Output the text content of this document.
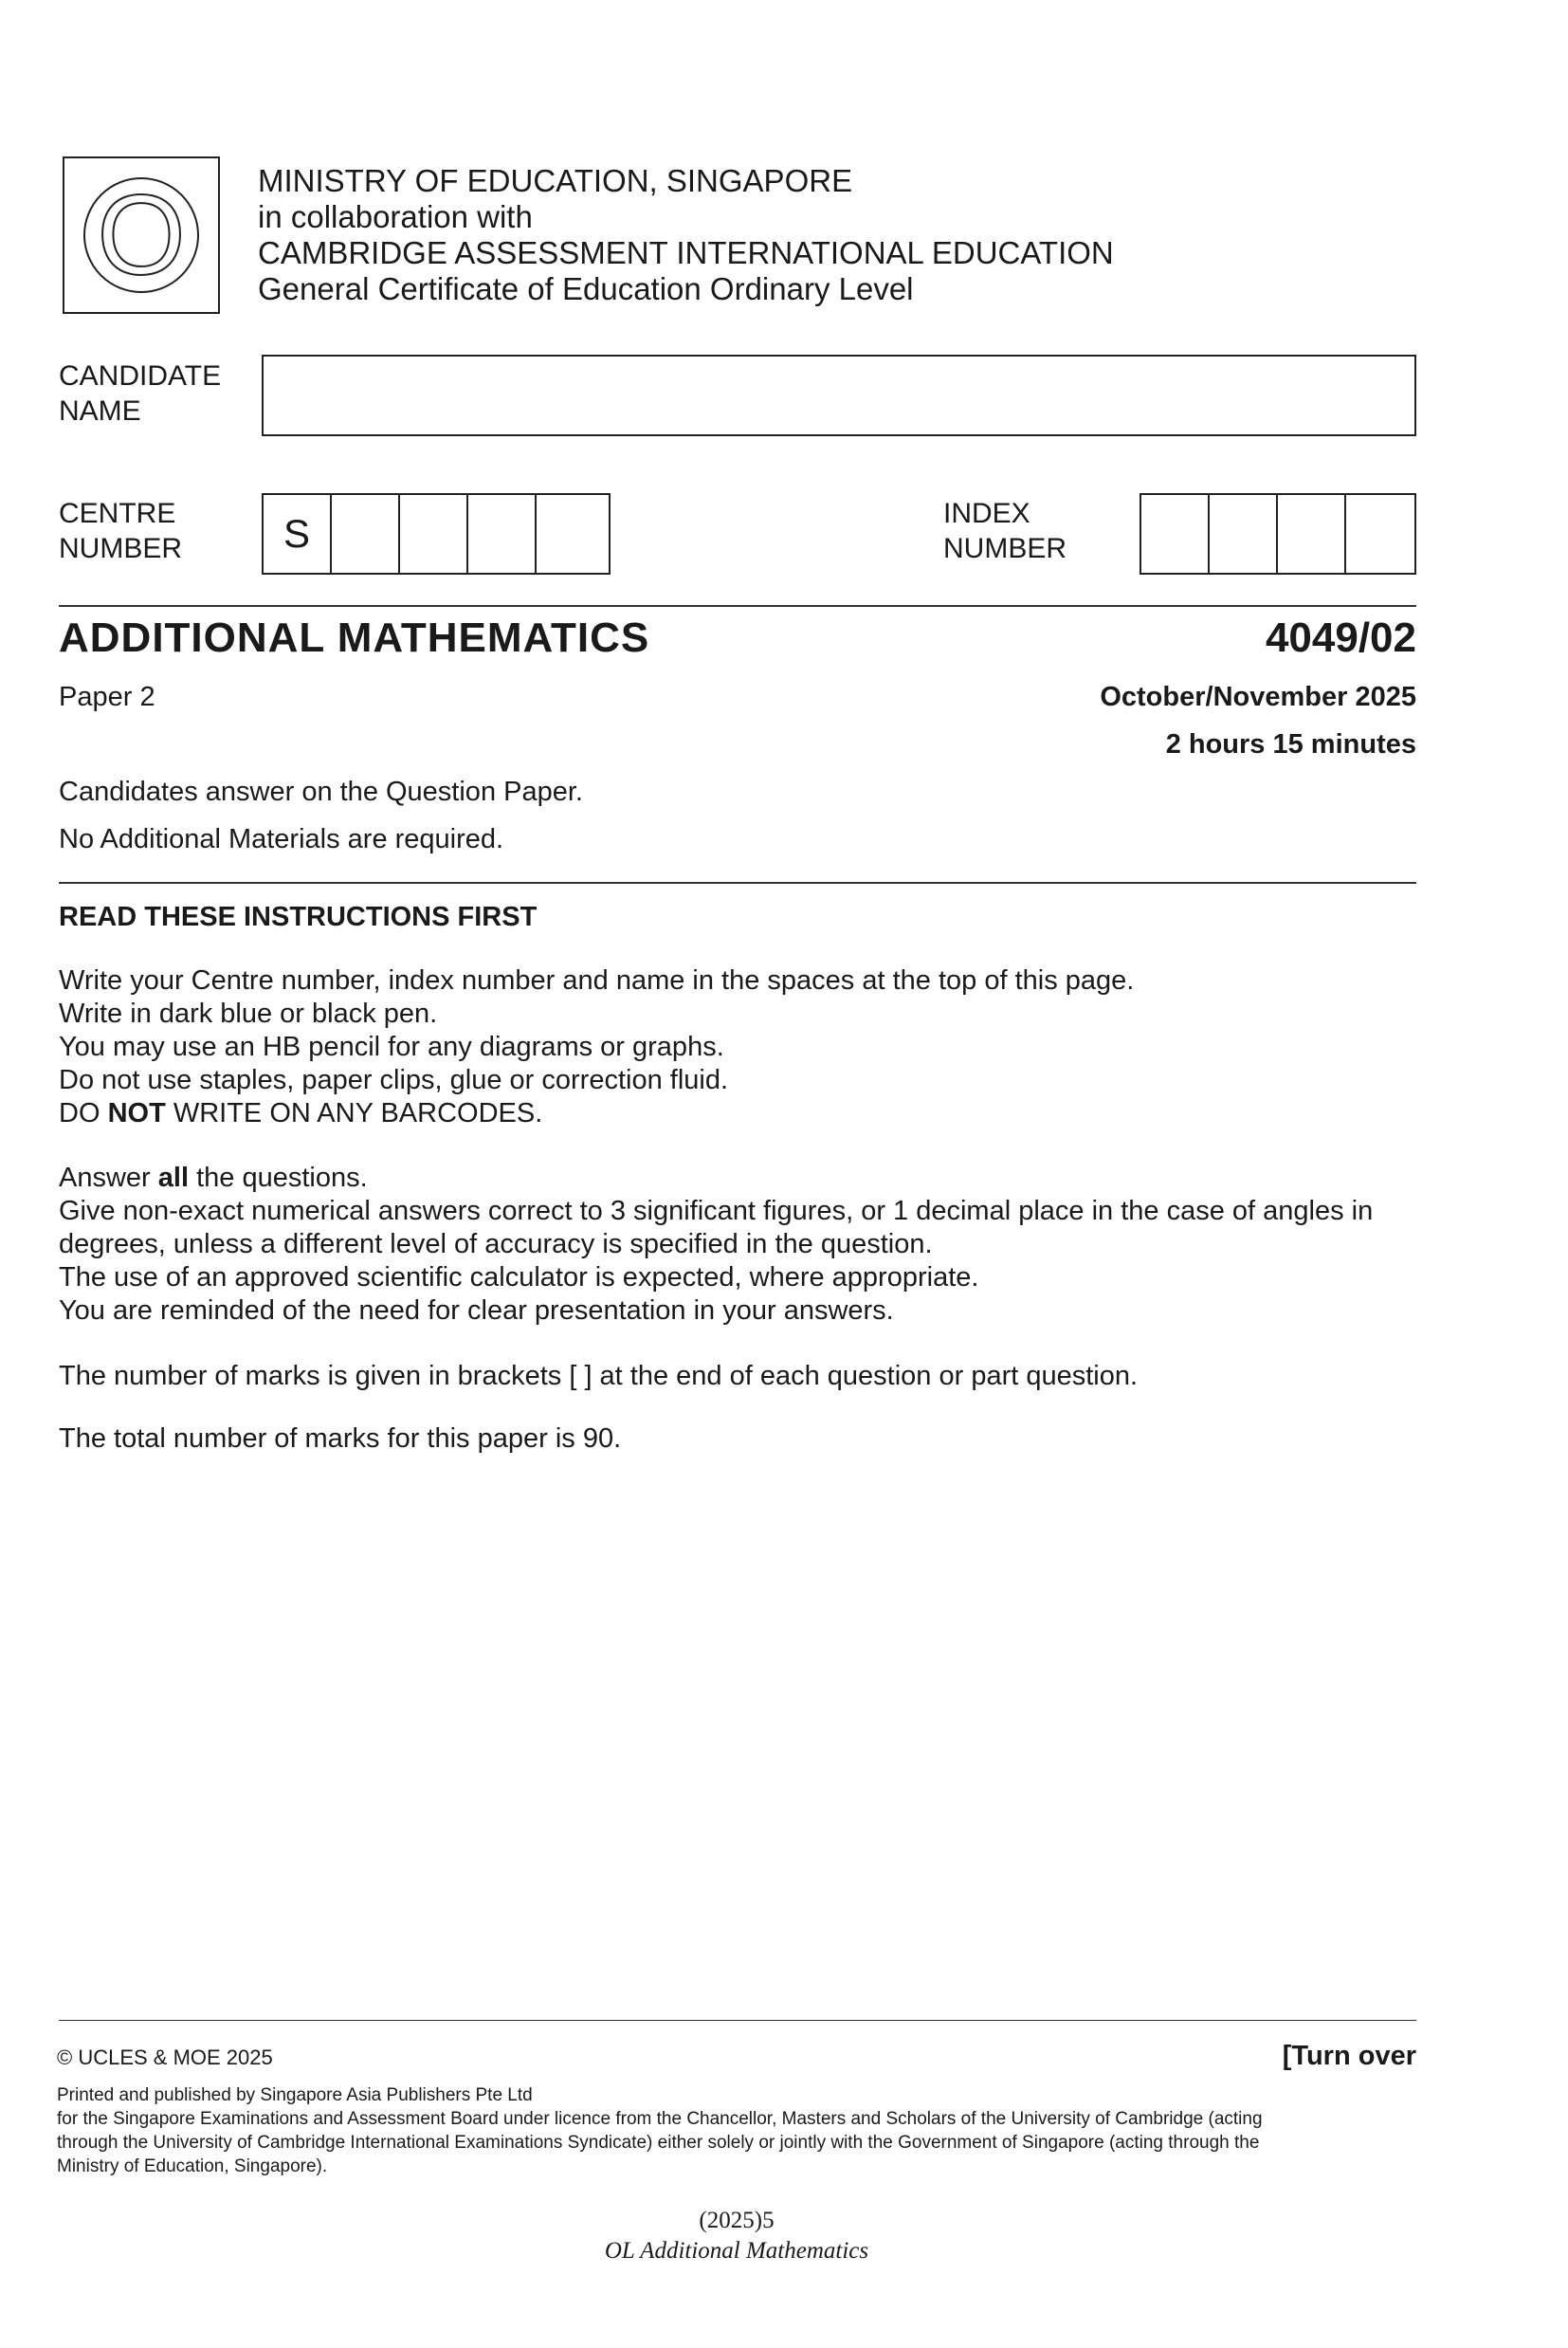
O	MINISTRY OF EDUCATION, SINGAPORE
in collaboration with
CAMBRIDGE ASSESSMENT INTERNATIONAL EDUCATION
General Certificate of Education Ordinary Level
CANDIDATE
NAME
CENTRE
NUMBER	S	INDEX
NUMBER
ADDITIONAL MATHEMATICS	4049/02
Paper 2	October/November 2025
2 hours 15 minutes
Candidates answer on the Question Paper.
No Additional Materials are required.
READ THESE INSTRUCTIONS FIRST
Write your Centre number, index number and name in the spaces at the top of this page.
Write in dark blue or black pen.
You may use an HB pencil for any diagrams or graphs.
Do not use staples, paper clips, glue or correction fluid.
DO NOT WRITE ON ANY BARCODES.
Answer all the questions.
Give non-exact numerical answers correct to 3 significant figures, or 1 decimal place in the case of angles in
degrees, unless a different level of accuracy is specified in the question.
The use of an approved scientific calculator is expected, where appropriate.
You are reminded of the need for clear presentation in your answers.
The number of marks is given in brackets [ ] at the end of each question or part question.
The total number of marks for this paper is 90.
© UCLES & MOE 2025	[Turn over
Printed and published by Singapore Asia Publishers Pte Ltd
for the Singapore Examinations and Assessment Board under licence from the Chancellor, Masters and Scholars of the University of Cambridge (acting
through the University of Cambridge International Examinations Syndicate) either solely or jointly with the Government of Singapore (acting through the
Ministry of Education, Singapore).
(2025)5
OL Additional Mathematics
